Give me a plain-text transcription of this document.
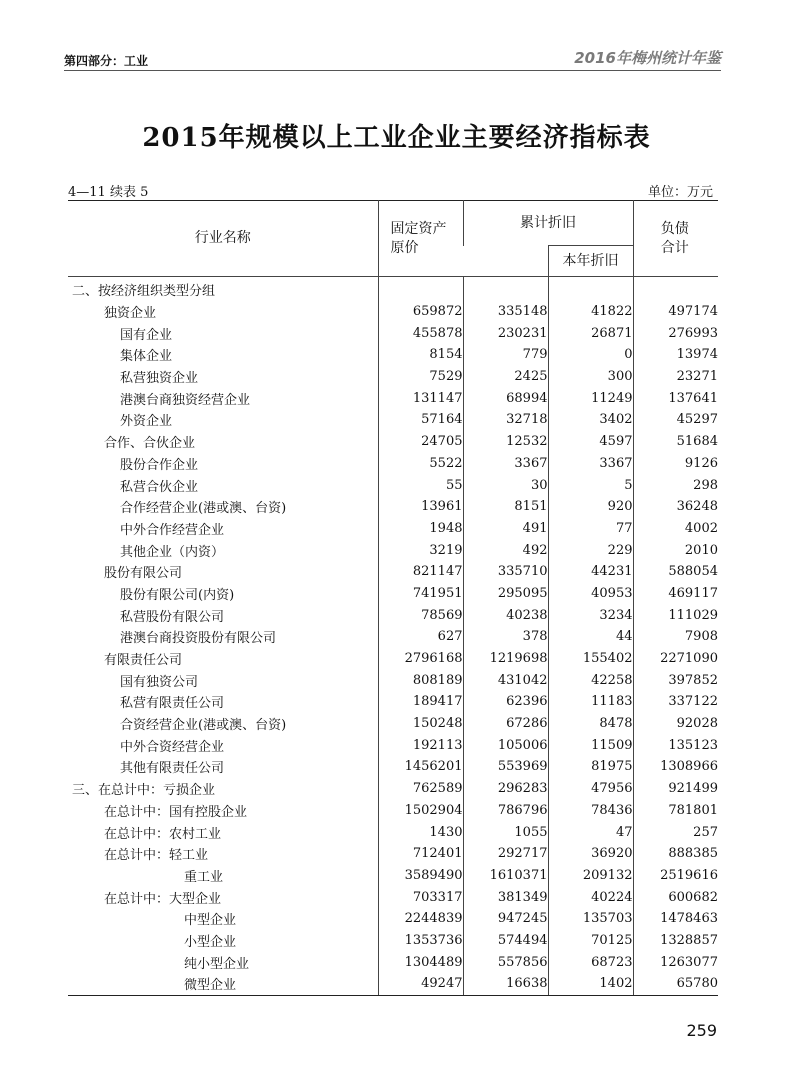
第四部分：工业	2016年梅州统计年鉴
2015年规模以上工业企业主要经济指标表
4—11 续表 5	单位：万元
行业名称	固定资产原价	累计折旧		负债合计

			本年折旧	
二、按经济组织类型分组				
独资企业	659872	335148	41822	497174
国有企业	455878	230231	26871	276993
集体企业	8154	779	0	13974
私营独资企业	7529	2425	300	23271
港澳台商独资经营企业	131147	68994	11249	137641
外资企业	57164	32718	3402	45297
合作、合伙企业	24705	12532	4597	51684
股份合作企业	5522	3367	3367	9126
私营合伙企业	55	30	5	298
合作经营企业(港或澳、台资)	13961	8151	920	36248
中外合作经营企业	1948	491	77	4002
其他企业（内资）	3219	492	229	2010
股份有限公司	821147	335710	44231	588054
股份有限公司(内资)	741951	295095	40953	469117
私营股份有限公司	78569	40238	3234	111029
港澳台商投资股份有限公司	627	378	44	7908
有限责任公司	2796168	1219698	155402	2271090
国有独资公司	808189	431042	42258	397852
私营有限责任公司	189417	62396	11183	337122
合资经营企业(港或澳、台资)	150248	67286	8478	92028
中外合资经营企业	192113	105006	11509	135123
其他有限责任公司	1456201	553969	81975	1308966
三、在总计中：亏损企业	762589	296283	47956	921499
在总计中：国有控股企业	1502904	786796	78436	781801
在总计中：农村工业	1430	1055	47	257
在总计中：轻工业	712401	292717	36920	888385
重工业	3589490	1610371	209132	2519616
在总计中：大型企业	703317	381349	40224	600682
中型企业	2244839	947245	135703	1478463
小型企业	1353736	574494	70125	1328857
纯小型企业	1304489	557856	68723	1263077
微型企业	49247	16638	1402	65780
259
